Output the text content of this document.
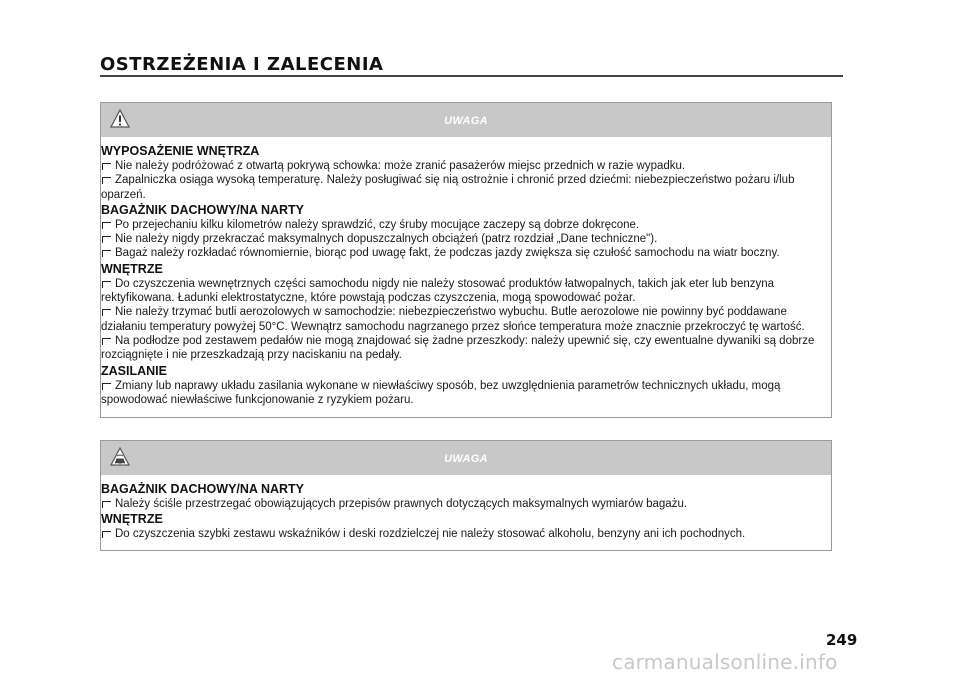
OSTRZEŻENIA I ZALECENIA
UWAGA
WYPOSAŻENIE WNĘTRZA

Nie należy podróżować z otwartą pokrywą schowka: może zranić pasażerów miejsc przednich w razie wypadku.

Zapalniczka osiąga wysoką temperaturę. Należy posługiwać się nią ostrożnie i chronić przed dziećmi: niebezpieczeństwo pożaru i/lub oparzeń.

BAGAŻNIK DACHOWY/NA NARTY

Po przejechaniu kilku kilometrów należy sprawdzić, czy śruby mocujące zaczepy są dobrze dokręcone.

Nie należy nigdy przekraczać maksymalnych dopuszczalnych obciążeń (patrz rozdział „Dane techniczne").

Bagaż należy rozkładać równomiernie, biorąc pod uwagę fakt, że podczas jazdy zwiększa się czułość samochodu na wiatr boczny.

WNĘTRZE

Do czyszczenia wewnętrznych części samochodu nigdy nie należy stosować produktów łatwopalnych, takich jak eter lub benzyna rektyfikowana. Ładunki elektrostatyczne, które powstają podczas czyszczenia, mogą spowodować pożar.

Nie należy trzymać butli aerozolowych w samochodzie: niebezpieczeństwo wybuchu. Butle aerozolowe nie powinny być poddawane działaniu temperatury powyżej 50°C. Wewnątrz samochodu nagrzanego przez słońce temperatura może znacznie przekroczyć tę wartość.

Na podłodze pod zestawem pedałów nie mogą znajdować się żadne przeszkody: należy upewnić się, czy ewentualne dywaniki są dobrze rozciągnięte i nie przeszkadzają przy naciskaniu na pedały.

ZASILANIE

Zmiany lub naprawy układu zasilania wykonane w niewłaściwy sposób, bez uwzględnienia parametrów technicznych układu, mogą spowodować niewłaściwe funkcjonowanie z ryzykiem pożaru.

UWAGA
BAGAŻNIK DACHOWY/NA NARTY

Należy ściśle przestrzegać obowiązujących przepisów prawnych dotyczących maksymalnych wymiarów bagażu.

WNĘTRZE

Do czyszczenia szybki zestawu wskaźników i deski rozdzielczej nie należy stosować alkoholu, benzyny ani ich pochodnych.

249
carmanualsonline.info
